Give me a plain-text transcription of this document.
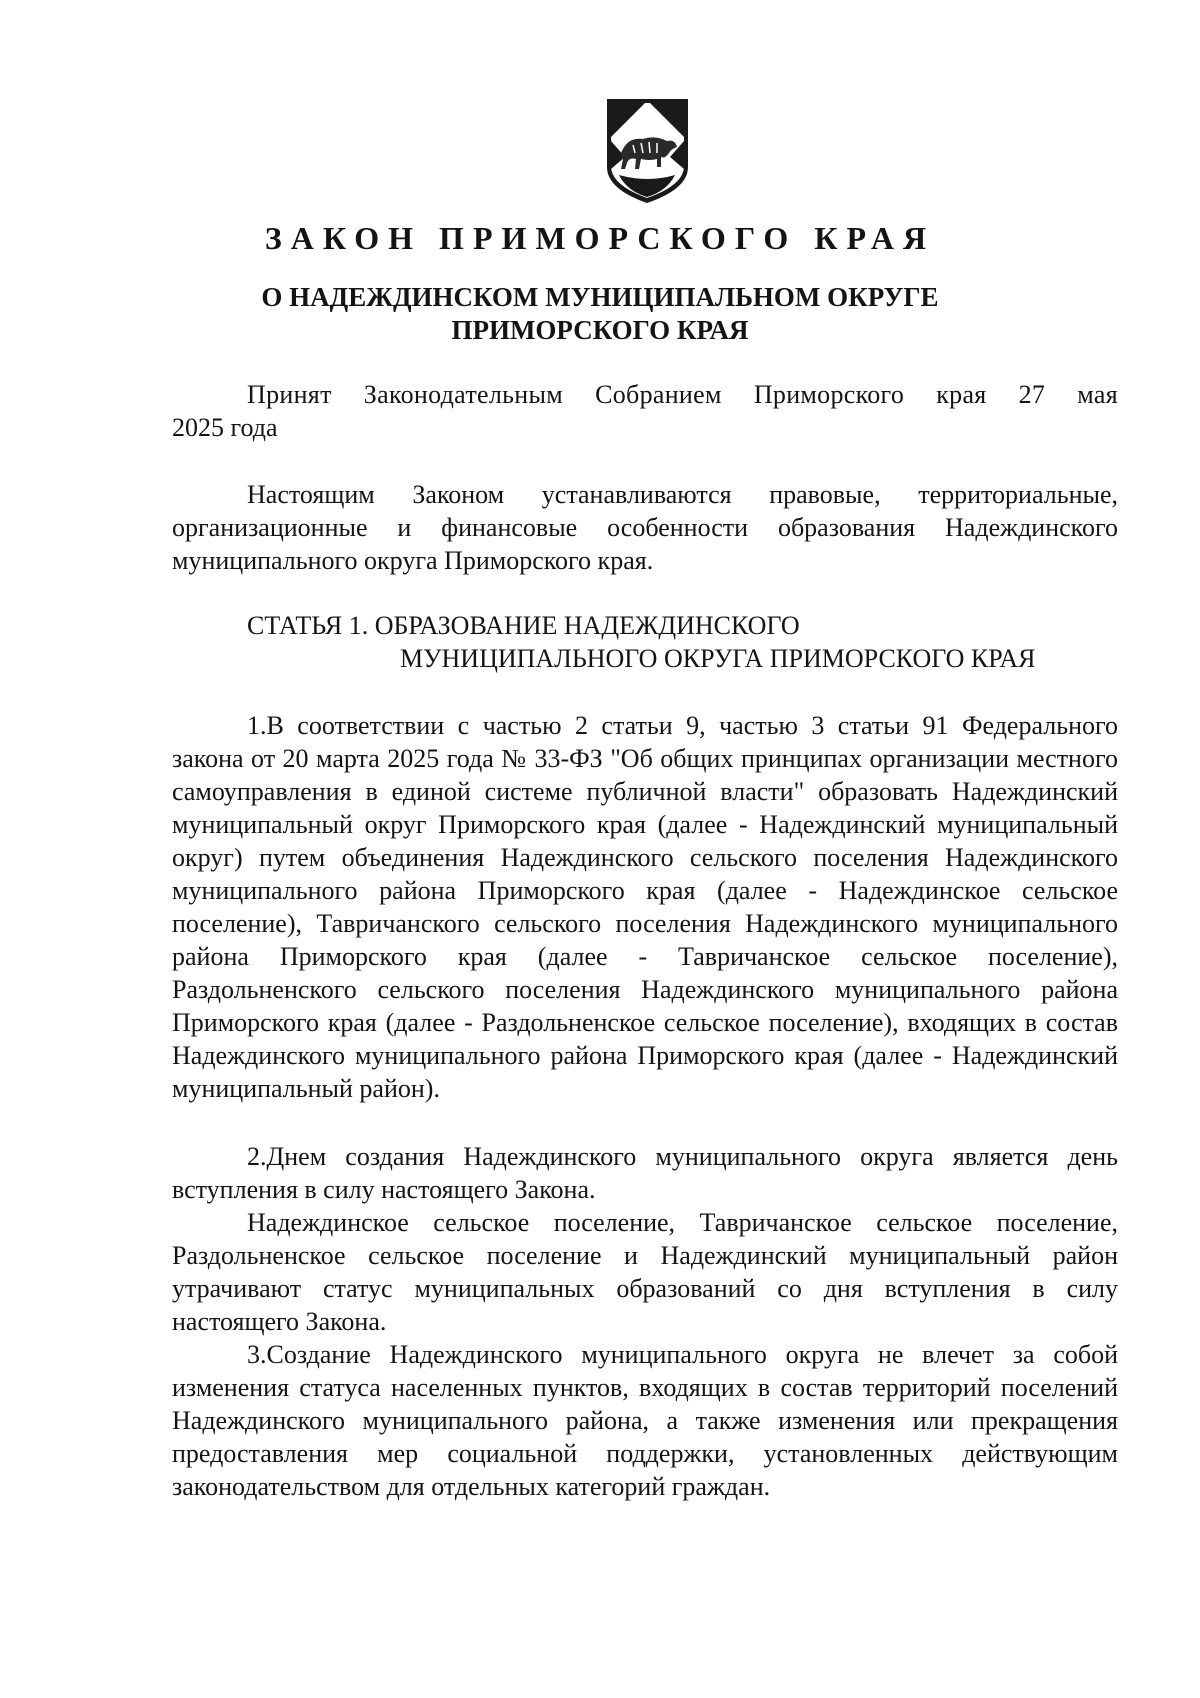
ЗАКОН ПРИМОРСКОГО КРАЯ
О НАДЕЖДИНСКОМ МУНИЦИПАЛЬНОМ ОКРУГЕ
ПРИМОРСКОГО КРАЯ
Принят Законодательным Собранием Приморского края 27 мая
2025 года
Настоящим Законом устанавливаются правовые, территориальные, организационные и финансовые особенности образования Надеждинского муниципального округа Приморского края.
СТАТЬЯ 1. ОБРАЗОВАНИЕ НАДЕЖДИНСКОГО
МУНИЦИПАЛЬНОГО ОКРУГА ПРИМОРСКОГО КРАЯ
1.В соответствии с частью 2 статьи 9, частью 3 статьи 91 Федерального закона от 20 марта 2025 года № 33-ФЗ "Об общих принципах организации местного самоуправления в единой системе публичной власти" образовать Надеждинский муниципальный округ Приморского края (далее - Надеждинский муниципальный округ) путем объединения Надеждинского сельского поселения Надеждинского муниципального района Приморского края (далее - Надеждинское сельское поселение), Тавричанского сельского поселения Надеждинского муниципального района Приморского края (далее - Тавричанское сельское поселение), Раздольненского сельского поселения Надеждинского муниципального района Приморского края (далее - Раздольненское сельское поселение), входящих в состав Надеждинского муниципального района Приморского края (далее - Надеждинский муниципальный район).
2.Днем создания Надеждинского муниципального округа является день вступления в силу настоящего Закона.
Надеждинское сельское поселение, Тавричанское сельское поселение, Раздольненское сельское поселение и Надеждинский муниципальный район утрачивают статус муниципальных образований со дня вступления в силу настоящего Закона.
3.Создание Надеждинского муниципального округа не влечет за собой изменения статуса населенных пунктов, входящих в состав территорий поселений Надеждинского муниципального района, а также изменения или прекращения предоставления мер социальной поддержки, установленных действующим законодательством для отдельных категорий граждан.
